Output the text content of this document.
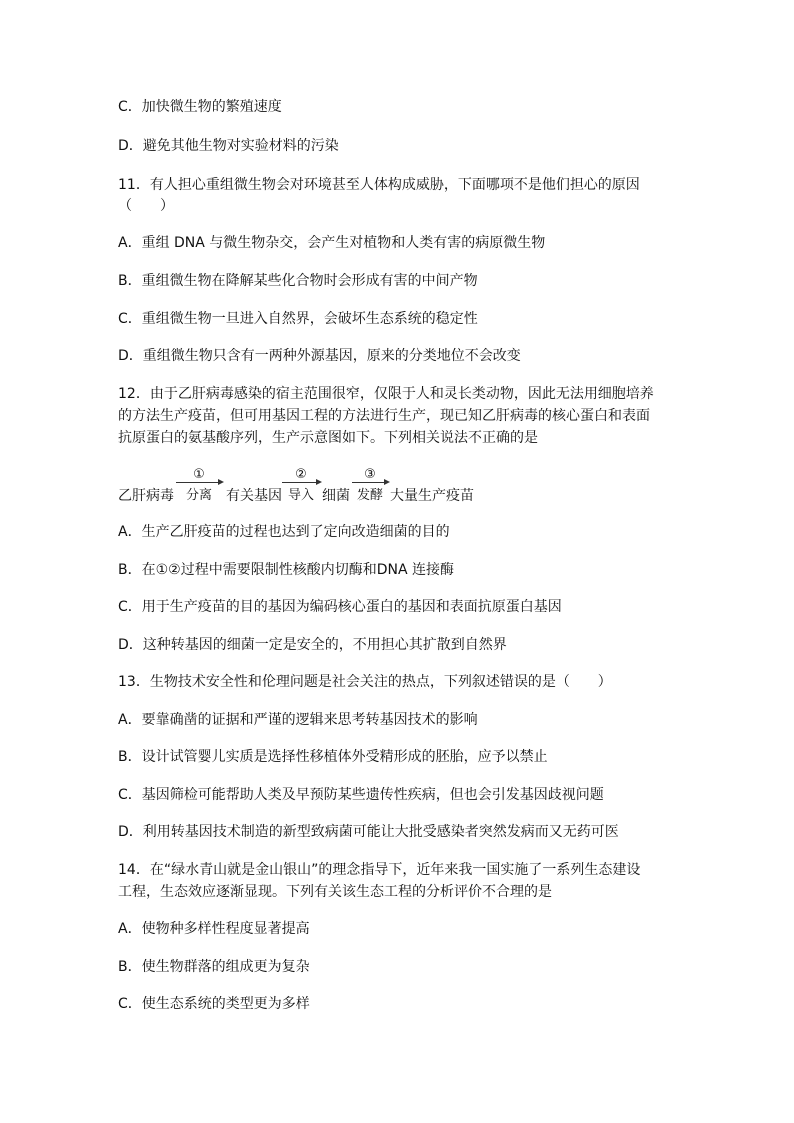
C．加快微生物的繁殖速度
D．避免其他生物对实验材料的污染
11．有人担心重组微生物会对环境甚至人体构成威胁，下面哪项不是他们担心的原因
（　　）
A．重组 DNA 与微生物杂交，会产生对植物和人类有害的病原微生物
B．重组微生物在降解某些化合物时会形成有害的中间产物
C．重组微生物一旦进入自然界，会破坏生态系统的稳定性
D．重组微生物只含有一两种外源基因，原来的分类地位不会改变
12．由于乙肝病毒感染的宿主范围很窄，仅限于人和灵长类动物，因此无法用细胞培养
的方法生产疫苗，但可用基因工程的方法进行生产，现已知乙肝病毒的核心蛋白和表面
抗原蛋白的氨基酸序列，生产示意图如下。下列相关说法不正确的是
乙肝病毒
①
分离	有关基因
②
导入 细菌
③
发酵 大量生产疫苗
A．生产乙肝疫苗的过程也达到了定向改造细菌的目的
B．在①②过程中需要限制性核酸内切酶和DNA 连接酶
C．用于生产疫苗的目的基因为编码核心蛋白的基因和表面抗原蛋白基因
D．这种转基因的细菌一定是安全的，不用担心其扩散到自然界
13．生物技术安全性和伦理问题是社会关注的热点，下列叙述错误的是（　　）
A．要靠确凿的证据和严谨的逻辑来思考转基因技术的影响
B．设计试管婴儿实质是选择性移植体外受精形成的胚胎，应予以禁止
C．基因筛检可能帮助人类及早预防某些遗传性疾病，但也会引发基因歧视问题
D．利用转基因技术制造的新型致病菌可能让大批受感染者突然发病而又无药可医
14．在“绿水青山就是金山银山”的理念指导下，近年来我一国实施了一系列生态建设
工程，生态效应逐渐显现。下列有关该生态工程的分析评价不合理的是
A．使物种多样性程度显著提高
B．使生物群落的组成更为复杂
C．使生态系统的类型更为多样
